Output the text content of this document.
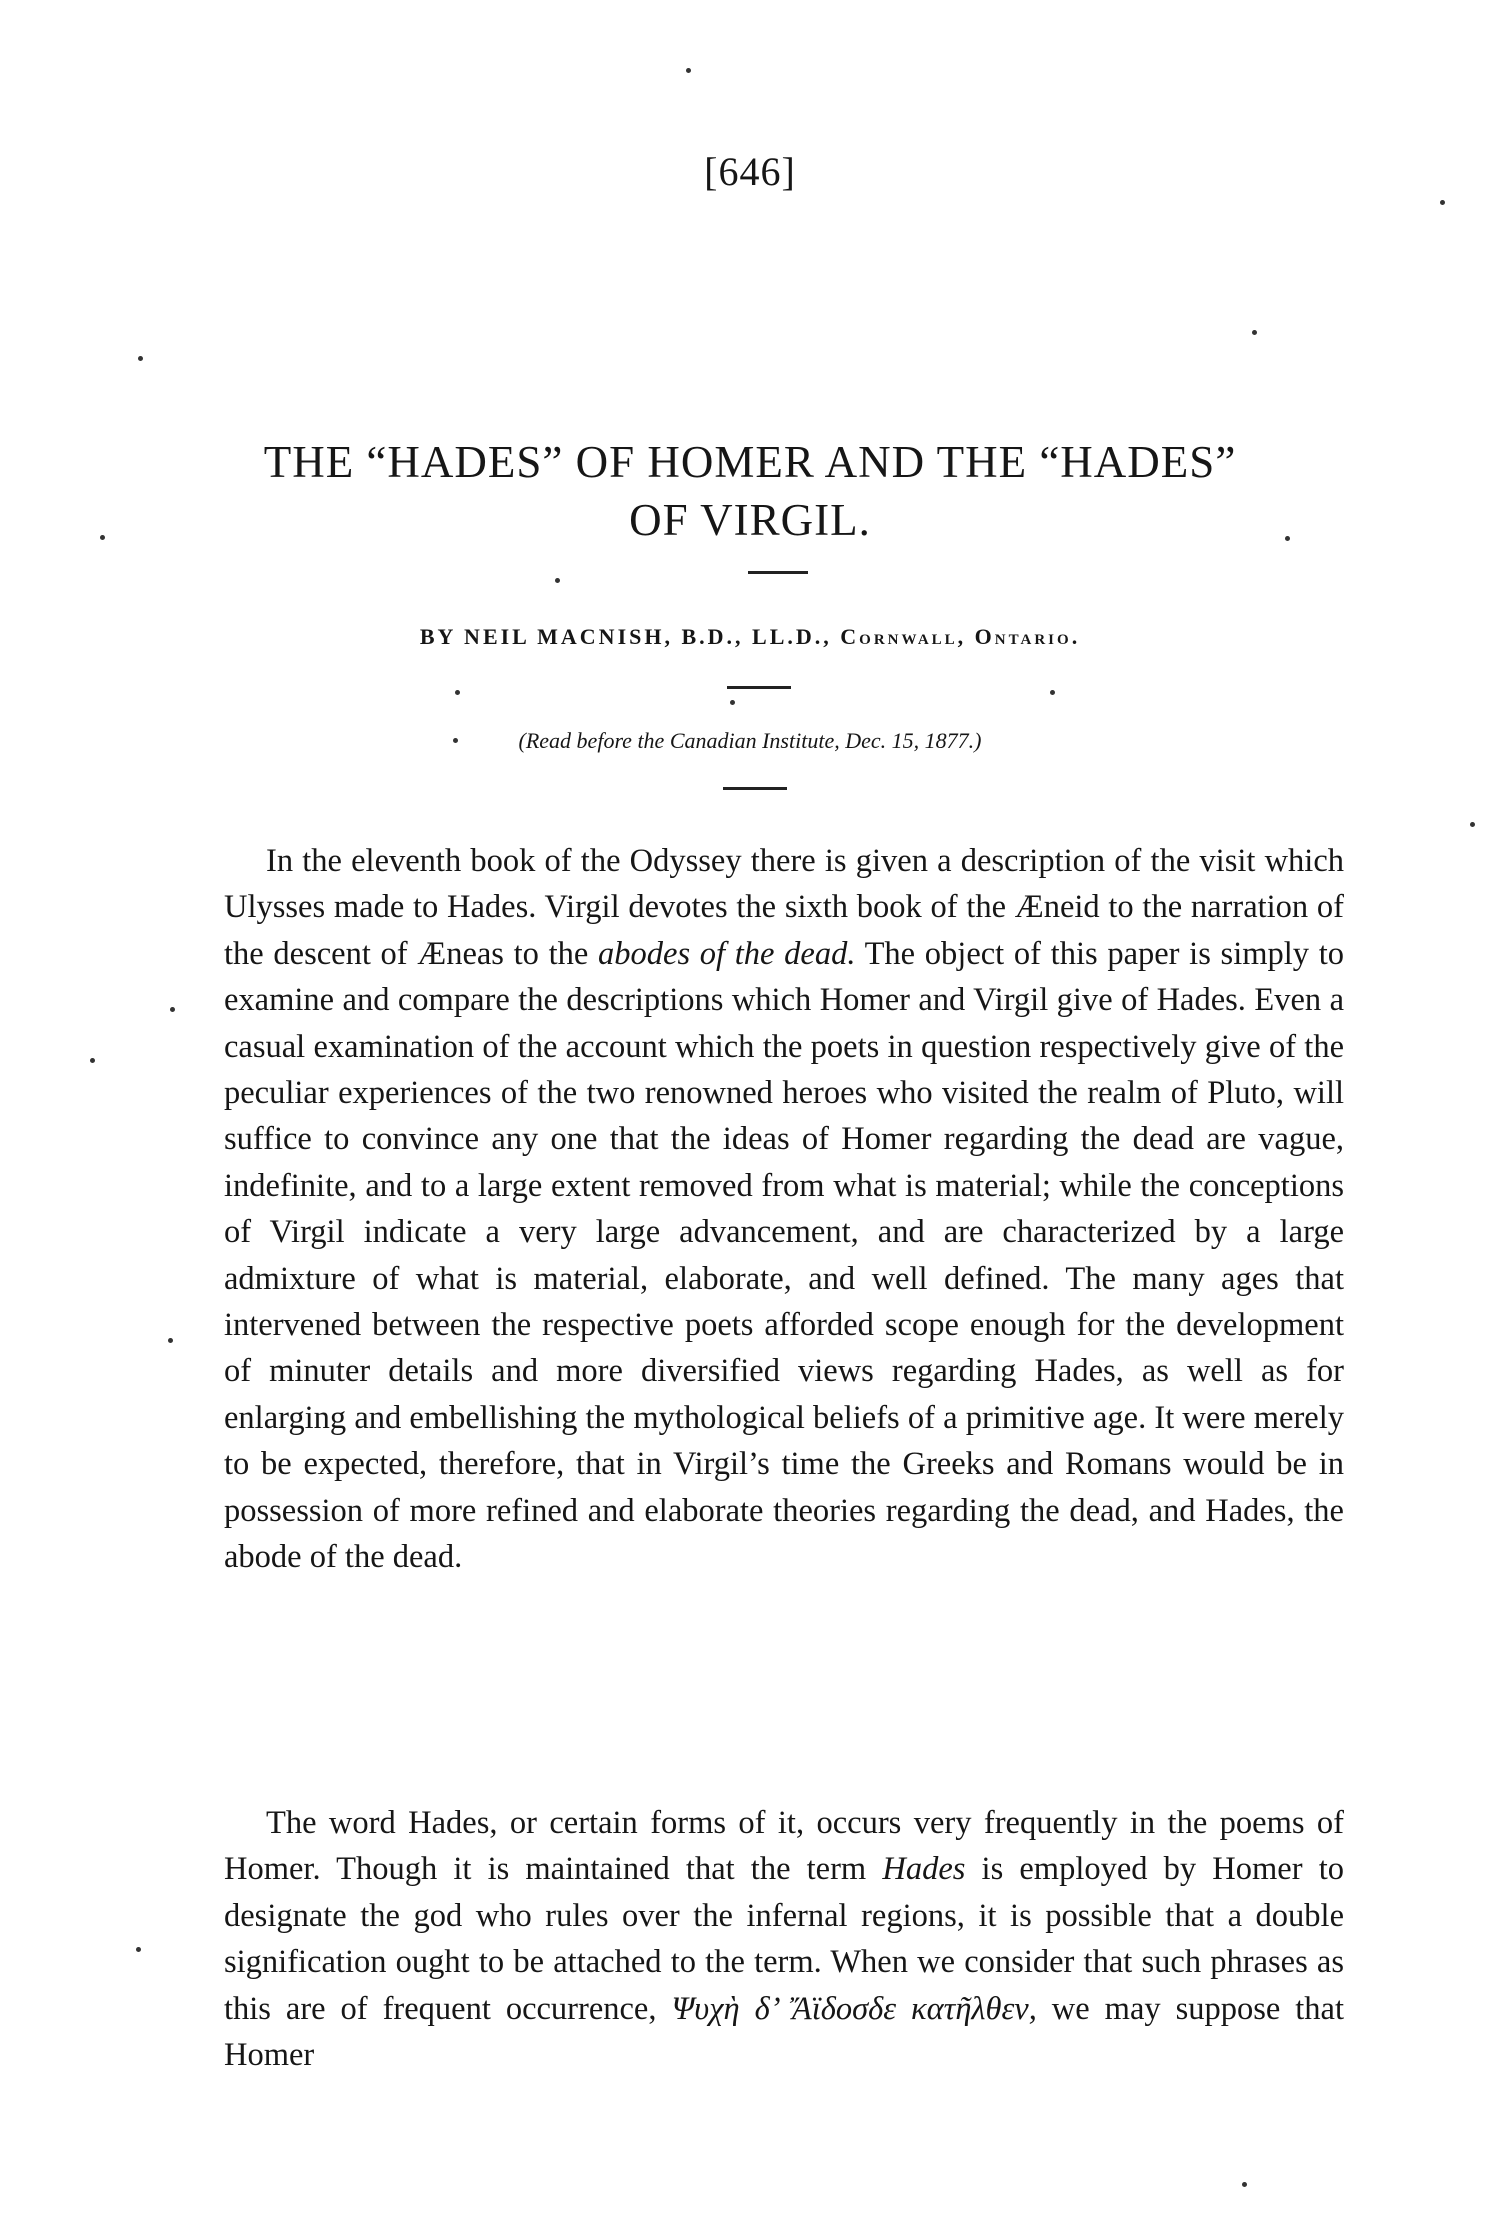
[646]
THE “HADES” OF HOMER AND THE “HADES”
OF VIRGIL.
BY NEIL MACNISH, B.D., LL.D., Cornwall, Ontario.
(Read before the Canadian Institute, Dec. 15, 1877.)

In the eleventh book of the Odyssey there is given a description of the visit which Ulysses made to Hades. Virgil devotes the sixth book of the Æneid to the narration of the descent of Æneas to the abodes of the dead. The object of this paper is simply to examine and compare the descriptions which Homer and Virgil give of Hades. Even a casual examination of the account which the poets in question respectively give of the peculiar experiences of the two renowned heroes who visited the realm of Pluto, will suffice to convince any one that the ideas of Homer regarding the dead are vague, indefinite, and to a large extent removed from what is material; while the conceptions of Virgil indicate a very large advancement, and are characterized by a large admixture of what is material, elaborate, and well defined. The many ages that intervened between the respective poets afforded scope enough for the development of minuter details and more diversified views regarding Hades, as well as for enlarging and embellishing the mythological beliefs of a primitive age. It were merely to be expected, therefore, that in Virgil’s time the Greeks and Romans would be in possession of more refined and elaborate theories regarding the dead, and Hades, the abode of the dead.

The word Hades, or certain forms of it, occurs very frequently in the poems of Homer. Though it is maintained that the term Hades is employed by Homer to designate the god who rules over the infernal regions, it is possible that a double signification ought to be attached to the term. When we consider that such phrases as this are of frequent occurrence, Ψυχὴ δ’ Ἄϊδοσδε κατῆλθεν, we may suppose that Homer
